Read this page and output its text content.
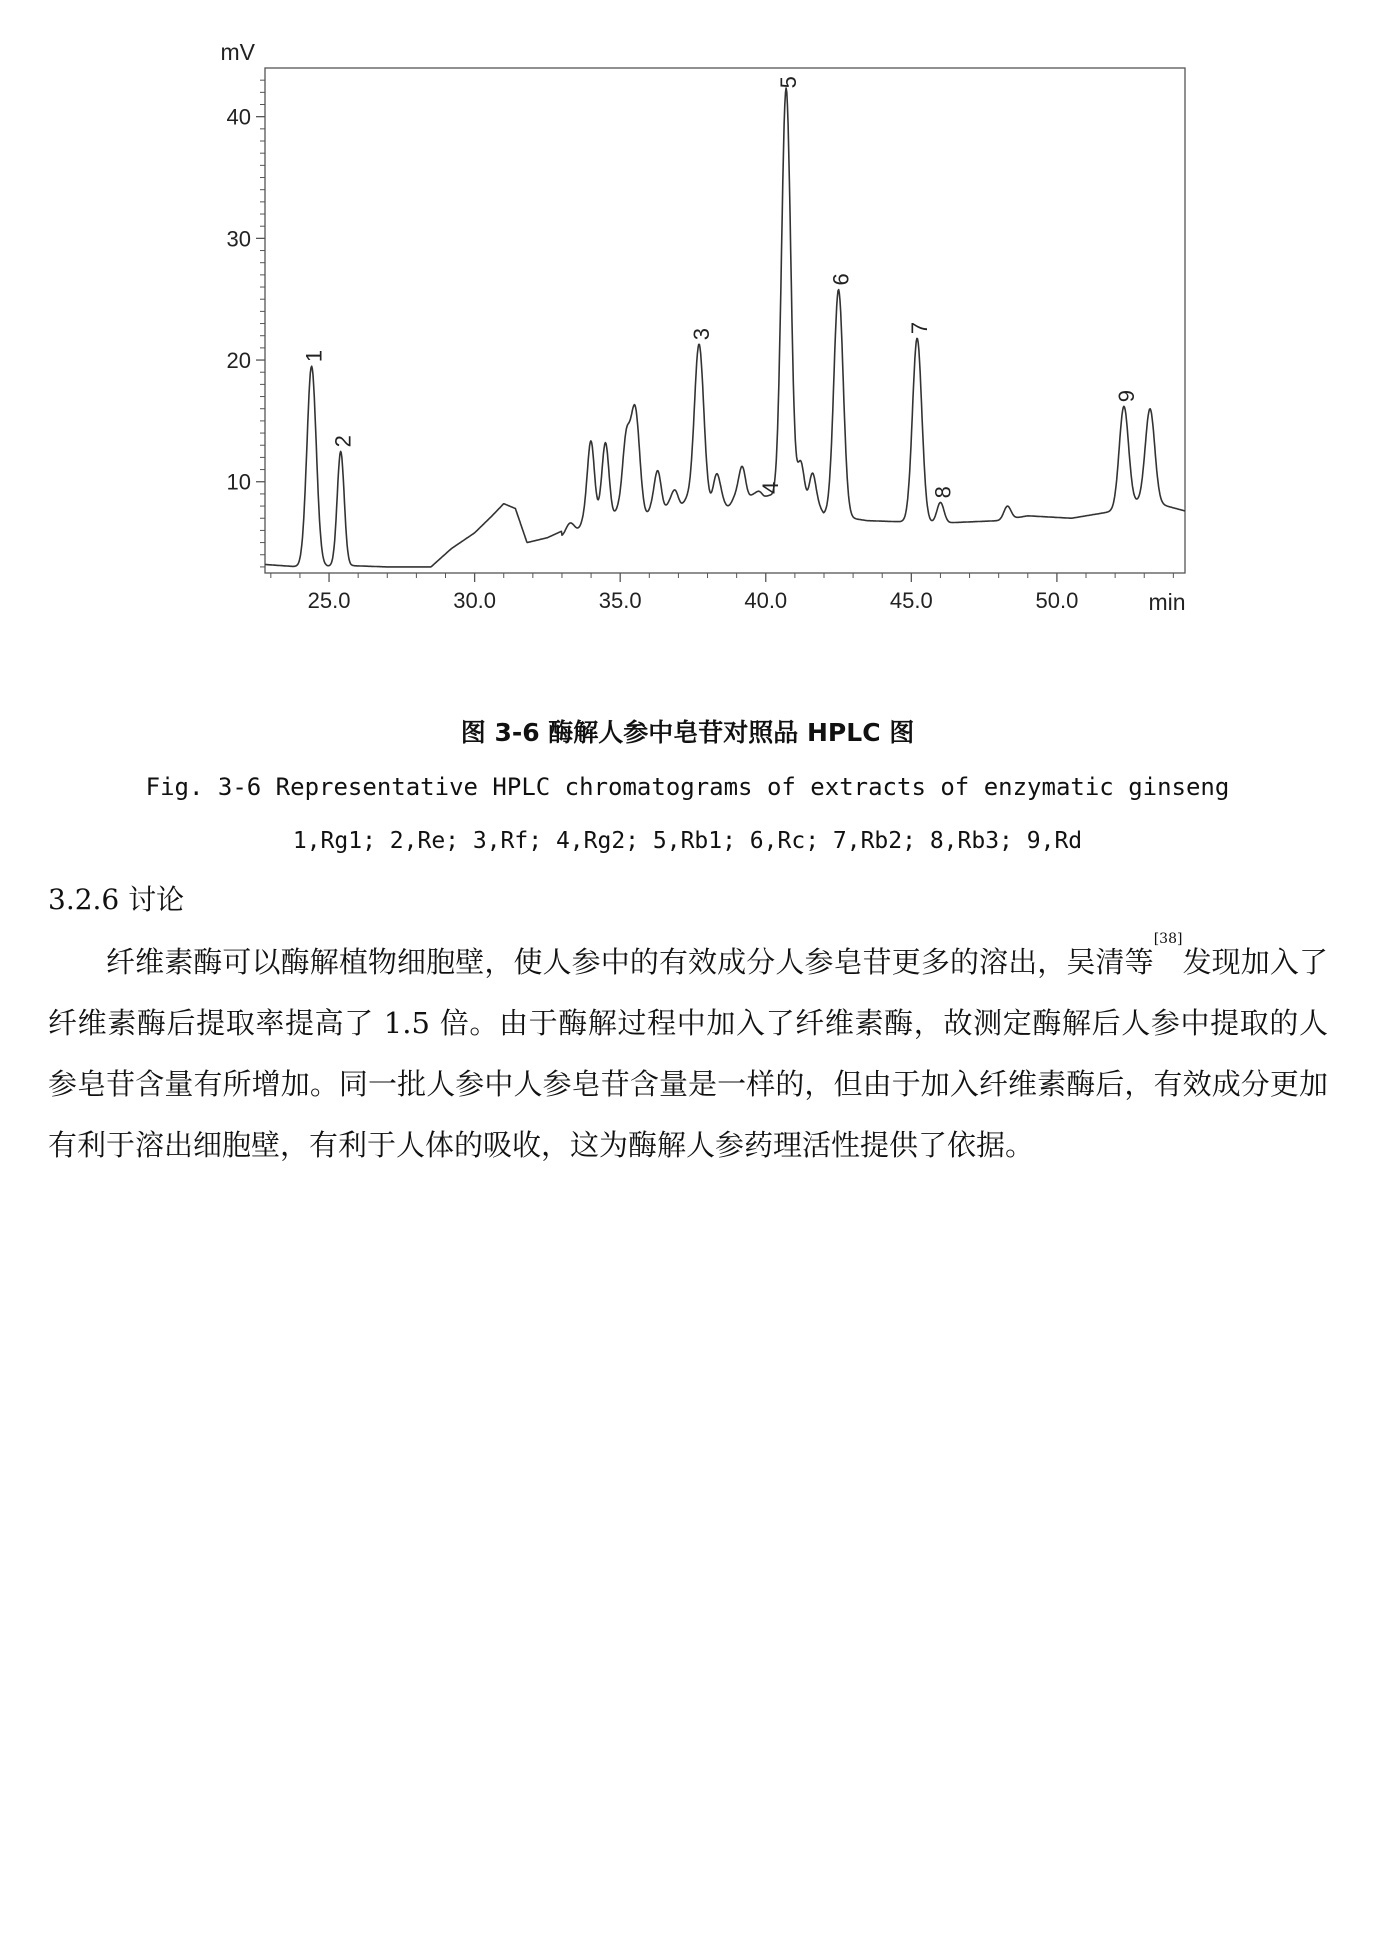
25.0	30.0	35.0	40.0	45.0	50.0
10
20
30
40
1
2
3
5
4
6
7
8
9
mV
min
图 3-6 酶解人参中皂苷对照品 HPLC 图
Fig. 3-6 Representative HPLC chromatograms of extracts of enzymatic ginseng
1,Rg1; 2,Re; 3,Rf; 4,Rg2; 5,Rb1; 6,Rc; 7,Rb2; 8,Rb3; 9,Rd
3.2.6 讨论

纤维素酶可以酶解植物细胞壁，使人参中的有效成分人参皂苷更多的溶出，吴清等[38]发现加入了纤维素酶后提取率提高了 1.5 倍。由于酶解过程中加入了纤维素酶，故测定酶解后人参中提取的人参皂苷含量有所增加。同一批人参中人参皂苷含量是一样的，但由于加入纤维素酶后，有效成分更加有利于溶出细胞壁，有利于人体的吸收，这为酶解人参药理活性提供了依据。
